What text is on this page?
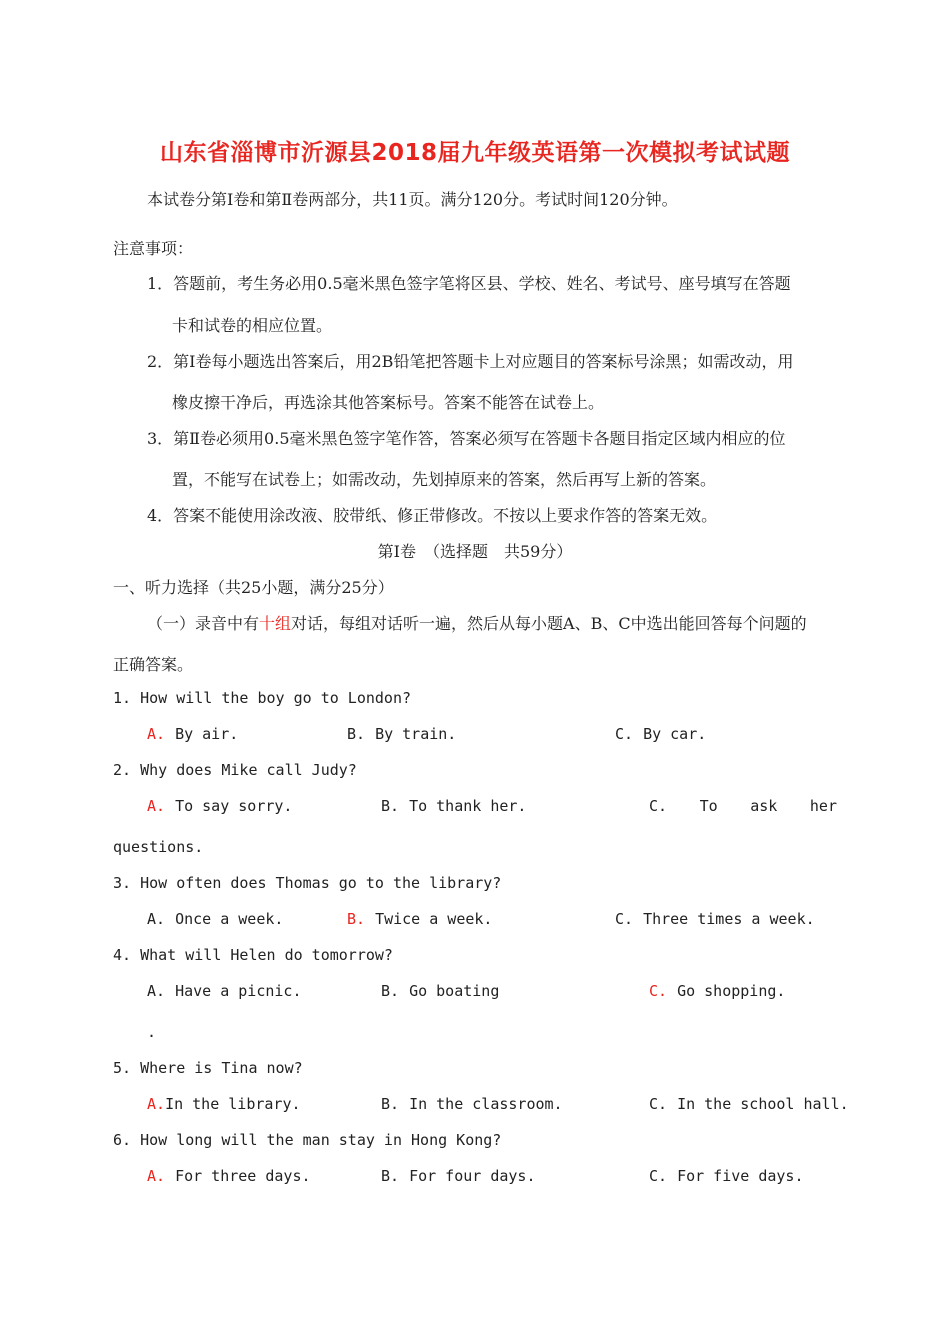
山东省淄博市沂源县2018届九年级英语第一次模拟考试试题
本试卷分第Ⅰ卷和第Ⅱ卷两部分，共11页。满分120分。考试时间120分钟。
注意事项：
1．答题前，考生务必用0.5毫米黑色签字笔将区县、学校、姓名、考试号、座号填写在答题
卡和试卷的相应位置。
2．第Ⅰ卷每小题选出答案后，用2B铅笔把答题卡上对应题目的答案标号涂黑；如需改动，用
橡皮擦干净后，再选涂其他答案标号。答案不能答在试卷上。
3．第Ⅱ卷必须用0.5毫米黑色签字笔作答，答案必须写在答题卡各题目指定区域内相应的位
置，不能写在试卷上；如需改动，先划掉原来的答案，然后再写上新的答案。
4．答案不能使用涂改液、胶带纸、修正带修改。不按以上要求作答的答案无效。
第Ⅰ卷　（选择题　共59分）
一、听力选择（共25小题，满分25分）
（一）录音中有十组对话，每组对话听一遍，然后从每小题A、B、C中选出能回答每个问题的
正确答案。
1. How will the boy go to London?
A. By air.	B. By train.	C. By car.
2. Why does Mike call Judy?
A. To say sorry.	B. To thank her.	C. To ask her
questions.
3. How often does Thomas go to the library?
A. Once a week.	B. Twice a week.	C. Three times a week.
4. What will Helen do tomorrow?
A. Have a picnic.	B. Go boating	C. Go shopping.
.
5. Where is Tina now?
A.In the library.	B. In the classroom.	C. In the school hall.
6. How long will the man stay in Hong Kong?
A. For three days.	B. For four days.	C. For five days.
